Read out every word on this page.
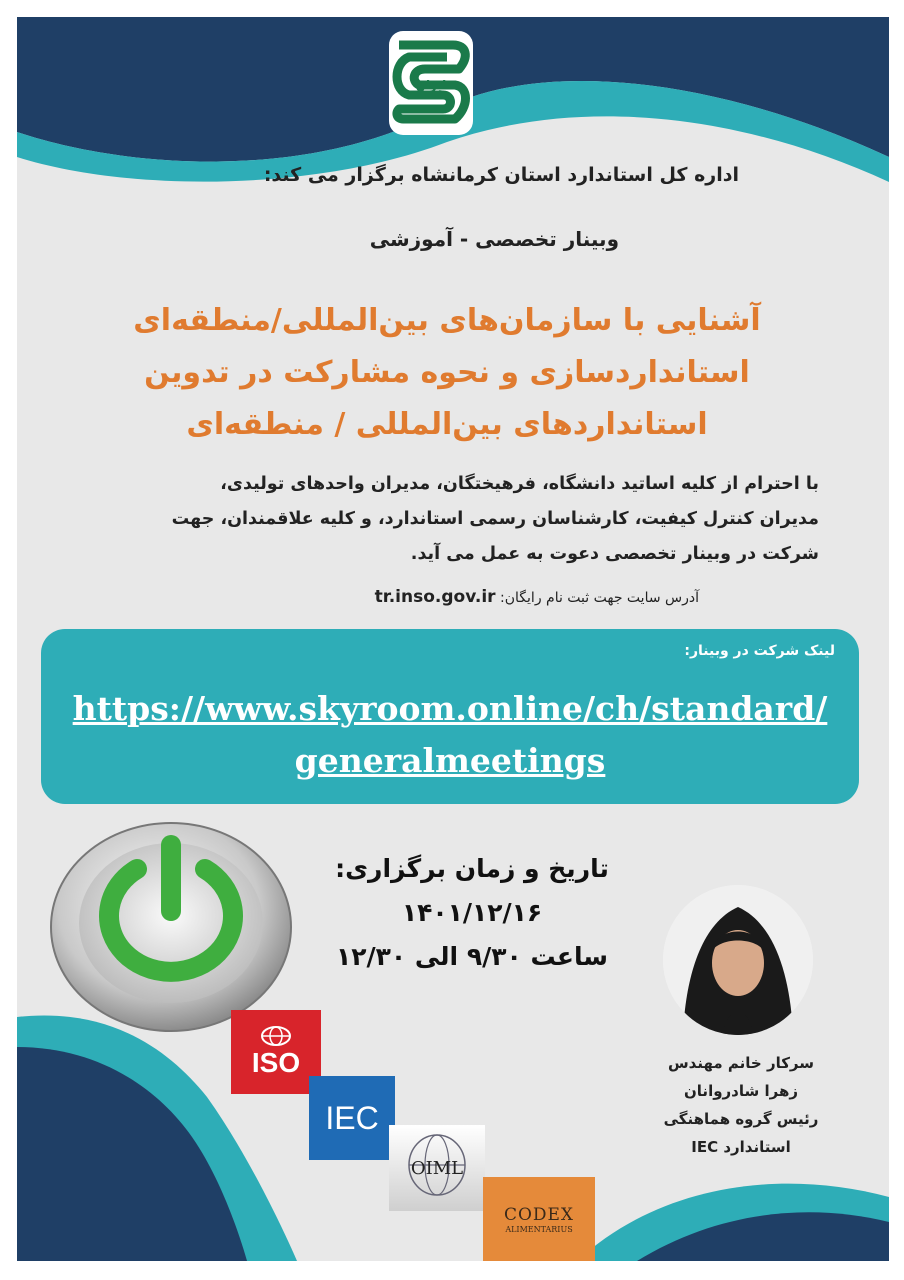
ایران
اداره کل استاندارد استان کرمانشاه برگزار می کند:
وبینار تخصصی - آموزشی
آشنایی با سازمان‌های بین‌المللی/منطقه‌ای
استانداردسازی و نحوه مشارکت در تدوین
استانداردهای بین‌المللی / منطقه‌ای
با احترام از کلیه اساتید دانشگاه، فرهیختگان، مدیران واحدهای تولیدی،
مدیران کنترل کیفیت، کارشناسان رسمی استاندارد، و کلیه علاقمندان، جهت
شرکت در وبینار تخصصی دعوت به عمل می آید.
آدرس سایت جهت ثبت نام رایگان: tr.inso.gov.ir
لینک شرکت در وبینار:
https://www.skyroom.online/ch/standard/
generalmeetings
تاریخ و زمان برگزاری:
۱۴۰۱/۱۲/۱۶
ساعت ۹/۳۰ الی ۱۲/۳۰
سرکار خانم مهندس
زهرا شادروانان
رئیس گروه هماهنگی
استاندارد IEC
ISO
IEC
OIML
CODEX
ALIMENTARIUS
